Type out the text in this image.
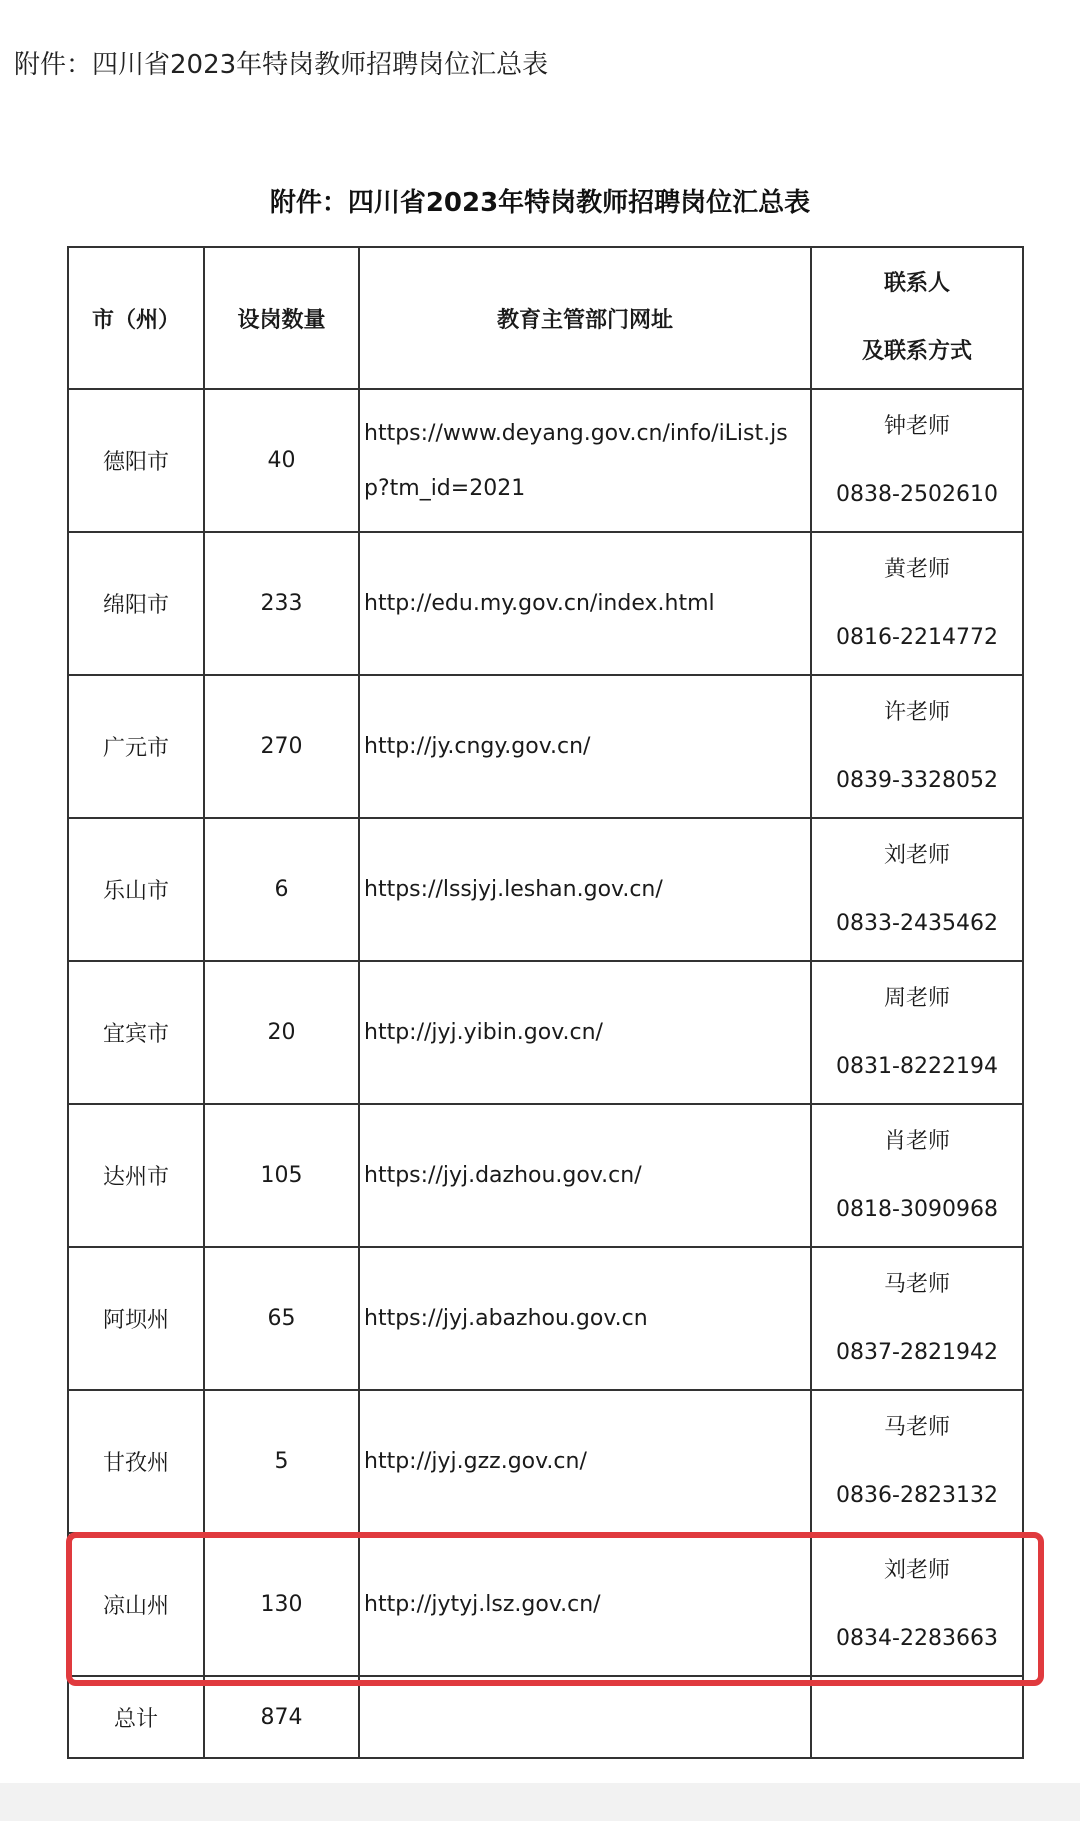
附件：四川省2023年特岗教师招聘岗位汇总表
附件：四川省2023年特岗教师招聘岗位汇总表
市（州）	设岗数量	教育主管部门网址	联系人
及联系方式

德阳市	40	https://www.deyang.gov.cn/info/iList.jsp?tm_id=2021	钟老师
0838-2502610

绵阳市	233	http://edu.my.gov.cn/index.html	黄老师
0816-2214772

广元市	270	http://jy.cngy.gov.cn/	许老师
0839-3328052

乐山市	6	https://lssjyj.leshan.gov.cn/	刘老师
0833-2435462

宜宾市	20	http://jyj.yibin.gov.cn/	周老师
0831-8222194

达州市	105	https://jyj.dazhou.gov.cn/	肖老师
0818-3090968

阿坝州	65	https://jyj.abazhou.gov.cn	马老师
0837-2821942

甘孜州	5	http://jyj.gzz.gov.cn/	马老师
0836-2823132

凉山州	130	http://jytyj.lsz.gov.cn/	刘老师
0834-2283663

总计	874		
